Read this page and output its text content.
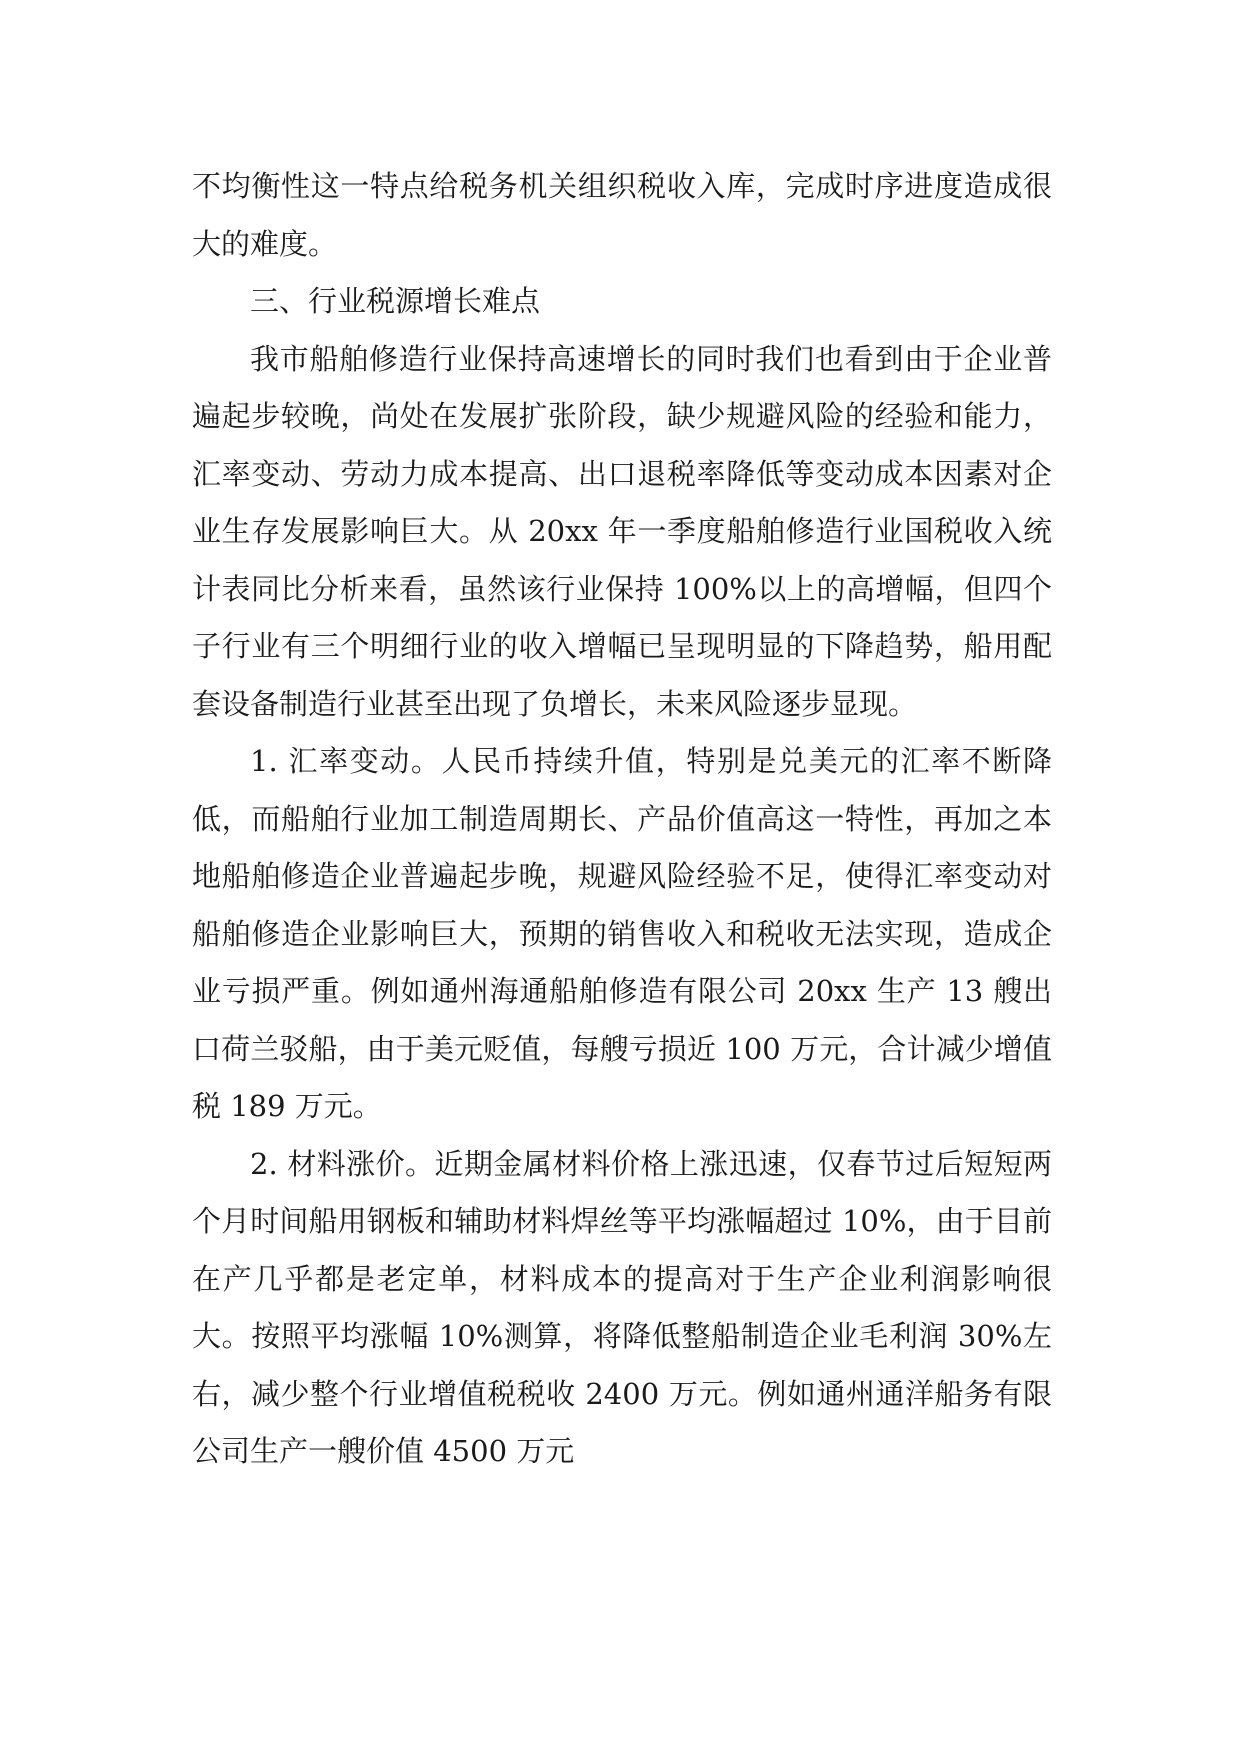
不均衡性这一特点给税务机关组织税收入库，完成时序进度造成很大的难度。

三、行业税源增长难点

我市船舶修造行业保持高速增长的同时我们也看到由于企业普遍起步较晚，尚处在发展扩张阶段，缺少规避风险的经验和能力，汇率变动、劳动力成本提高、出口退税率降低等变动成本因素对企业生存发展影响巨大。从 20xx 年一季度船舶修造行业国税收入统计表同比分析来看，虽然该行业保持 100%以上的高增幅，但四个子行业有三个明细行业的收入增幅已呈现明显的下降趋势，船用配套设备制造行业甚至出现了负增长，未来风险逐步显现。

1. 汇率变动。人民币持续升值，特别是兑美元的汇率不断降低，而船舶行业加工制造周期长、产品价值高这一特性，再加之本地船舶修造企业普遍起步晚，规避风险经验不足，使得汇率变动对船舶修造企业影响巨大，预期的销售收入和税收无法实现，造成企业亏损严重。例如通州海通船舶修造有限公司 20xx 生产 13 艘出口荷兰驳船，由于美元贬值，每艘亏损近 100 万元，合计减少增值税 189 万元。

2. 材料涨价。近期金属材料价格上涨迅速，仅春节过后短短两个月时间船用钢板和辅助材料焊丝等平均涨幅超过 10%，由于目前在产几乎都是老定单，材料成本的提高对于生产企业利润影响很大。按照平均涨幅 10%测算，将降低整船制造企业毛利润 30%左右，减少整个行业增值税税收 2400 万元。例如通州通洋船务有限公司生产一艘价值 4500 万元
